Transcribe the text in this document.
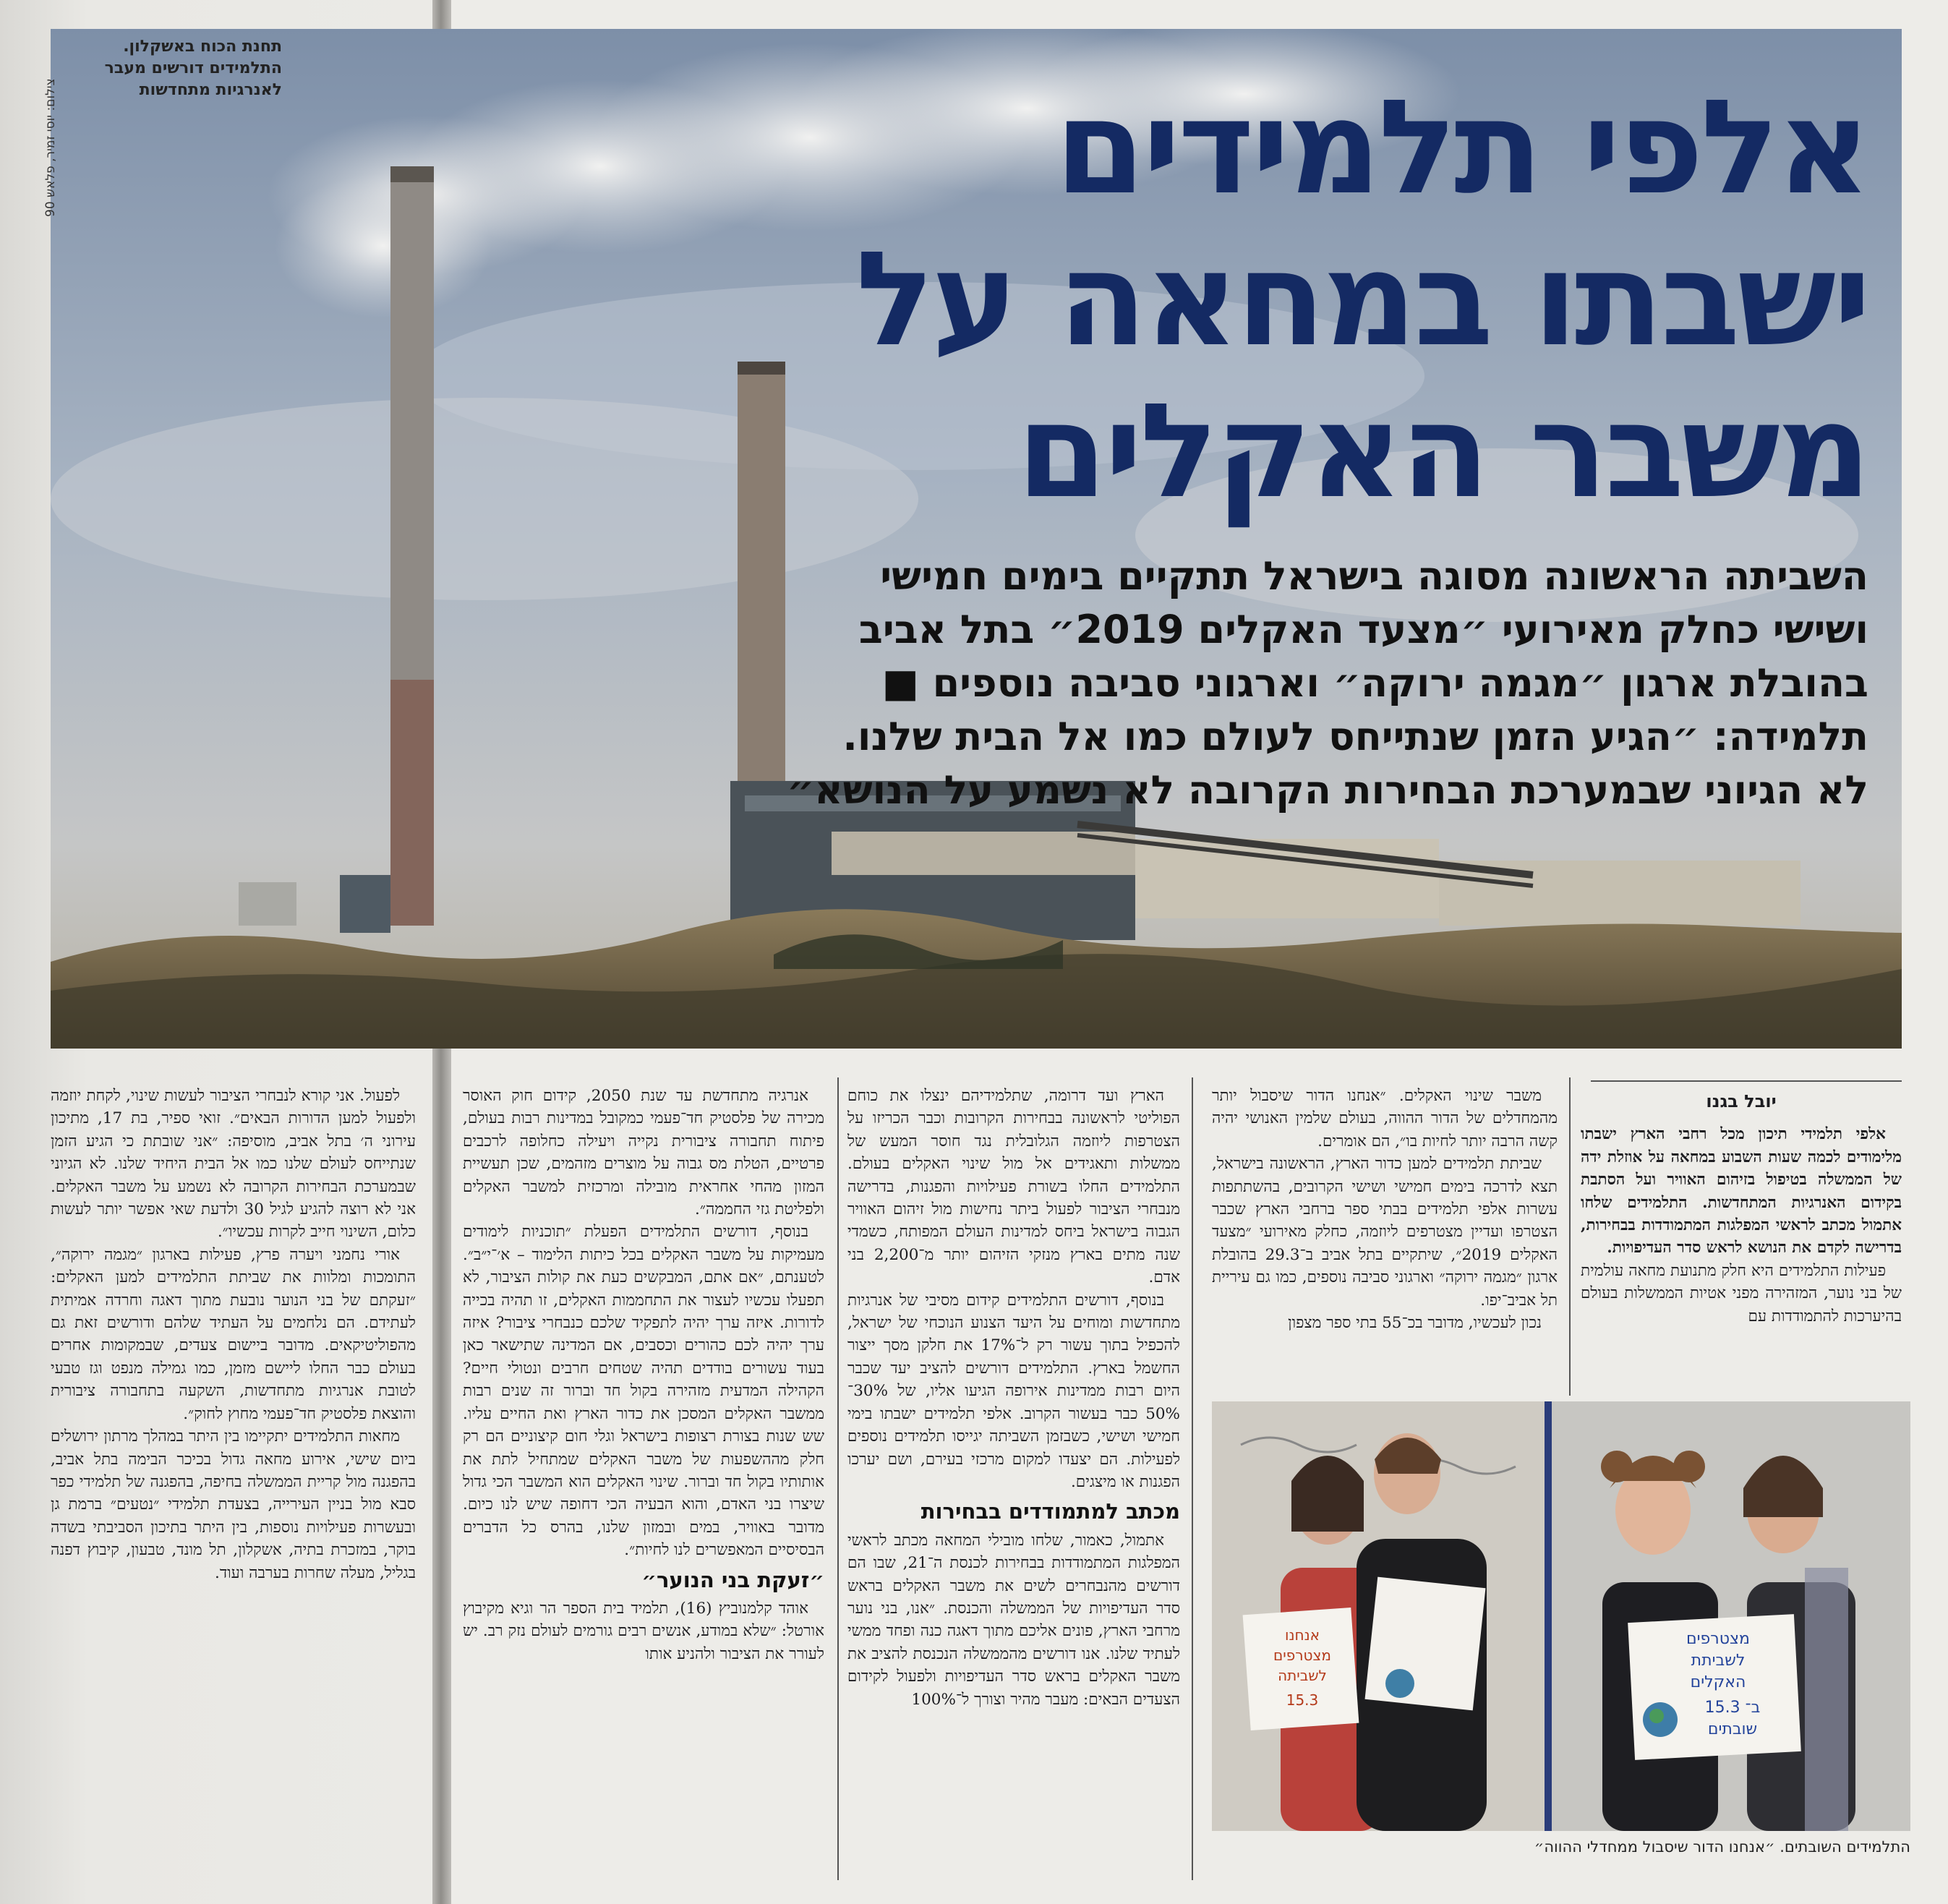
תחנת הכוח באשקלון.
התלמידים דורשים מעבר
לאנרגיות מתחדשות
צילום: יוסי זמיר, פלאש 90	אלפי תלמידים
ישבתו במחאה על
משבר האקלים

השביתה הראשונה מסוגה בישראל תתקיים בימים חמישי

ושישי כחלק מאירועי ״מצעד האקלים 2019״ בתל אביב

בהובלת ארגון ״מגמה ירוקה״ וארגוני סביבה נוספים ■

תלמידה: ״הגיע הזמן שנתייחס לעולם כמו אל הבית שלנו.

לא הגיוני שבמערכת הבחירות הקרובה לא נשמע על הנושא״

יובל בגנו

אלפי תלמידי תיכון מכל רחבי הארץ ישבתו מלימודים לכמה שעות השבוע במחאה על אוזלת ידה של הממשלה בטיפול בזיהום האוויר ועל הסתבת בקידום האנרגיות המתחדשות. התלמידים שלחו אתמול מכתב לראשי המפלגות המתמודדות בבחירות, בדרישה לקדם את הנושא לראש סדר העדיפויות.

פעילות התלמידים היא חלק מתנועת מחאה עולמית של בני נוער, המזהירה מפני אטיות הממשלות בעולם בהיערכות להתמודדות עם

משבר שינוי האקלים. ״אנחנו הדור שיסבול יותר מהמחדלים של הדור ההווה, בעולם שלמין האנושי יהיה קשה הרבה יותר לחיות בו״, הם אומרים.

שביתת תלמידים למען כדור הארץ, הראשונה בישראל, תצא לדרכה בימים חמישי ושישי הקרובים, בהשתתפות עשרות אלפי תלמידים בבתי ספר ברחבי הארץ שכבר הצטרפו ועדיין מצטרפים ליוזמה, כחלק מאירועי ״מצעד האקלים 2019״, שיתקיים בתל אביב ב־29.3 בהובלת ארגון ״מגמה ירוקה״ וארגוני סביבה נוספים, כמו גם עיריית תל אביב־יפו.

נכון לעכשיו, מדובר בכ־55 בתי ספר מצפון

הארץ ועד דרומה, שתלמידיהם ינצלו את כוחם הפוליטי לראשונה בבחירות הקרובות וכבר הכריזו על הצטרפות ליוזמה הגלובלית נגד חוסר המעש של ממשלות ותאגידים אל מול שינוי האקלים בעולם. התלמידים החלו בשורת פעילויות והפגנות, בדרישה מנבחרי הציבור לפעול ביתר נחישות מול זיהום האוויר הגבוה בישראל ביחס למדינות העולם המפותח, כשמדי שנה מתים בארץ מנזקי הזיהום יותר מ־2,200 בני אדם.

בנוסף, דורשים התלמידים קידום מסיבי של אנרגיות מתחדשות ומוחים על היעד הצנוע הנוכחי של ישראל, להכפיל בתוך עשור רק ל־17% את חלקן מסך ייצור החשמל בארץ. התלמידים דורשים להציב יעד שכבר היום רבות ממדינות אירופה הגיעו אליו, של 30%־50% כבר בעשור הקרוב. אלפי תלמידים ישבתו בימי חמישי ושישי, כשבזמן השביתה יגייסו תלמידים נוספים לפעילות. הם יצעדו למקום מרכזי בעירם, ושם יערכו הפגנות או מיצגים.

מכתב למתמודדים בבחירות

אתמול, כאמור, שלחו מובילי המחאה מכתב לראשי המפלגות המתמודדות בבחירות לכנסת ה־21, שבו הם דורשים מהנבחרים לשים את משבר האקלים בראש סדר העדיפויות של הממשלה והכנסת. ״אנו, בני נוער מרחבי הארץ, פונים אליכם מתוך דאגה כנה ופחד ממשי לעתיד שלנו. אנו דורשים מהממשלה הנכנסת להציב את משבר האקלים בראש סדר העדיפויות ולפעול לקידום הצעדים הבאים: מעבר מהיר וצורך ל־100%

אנרגיה מתחדשת עד שנת 2050, קידום חוק האוסר מכירה של פלסטיק חד־פעמי כמקובל במדינות רבות בעולם, פיתוח תחבורה ציבורית נקייה ויעילה כחלופה לרכבים פרטיים, הטלת מס גבוה על מוצרים מזהמים, שכן תעשיית המזון מהחי אחראית מובילה ומרכזית למשבר האקלים ולפליטת גזי החממה״.

בנוסף, דורשים התלמידים הפעלת ״תוכניות לימודים מעמיקות על משבר האקלים בכל כיתות הלימוד – א׳־י״ב״. לטענתם, ״אם אתם, המבקשים כעת את קולות הציבור, לא תפעלו עכשיו לעצור את התחממות האקלים, זו תהיה בכייה לדורות. איזה ערך יהיה לתפקיד שלכם כנבחרי ציבור? איזה ערך יהיה לכם כהורים וכסבים, אם המדינה שתישאר כאן בעוד עשורים בודדים תהיה שטחים חרבים ונטולי חיים? הקהילה המדעית מזהירה בקול חד וברור זה שנים רבות ממשבר האקלים המסכן את כדור הארץ ואת החיים עליו. שש שנות בצורת רצופות בישראל וגלי חום קיצוניים הם רק חלק מההשפעות של משבר האקלים שמתחיל לתת את אותותיו בקול חד וברור. שינוי האקלים הוא המשבר הכי גדול שיצרו בני האדם, והוא הבעיה הכי דחופה שיש לנו כיום. מדובר באוויר, במים ובמזון שלנו, בהרס כל הדברים הבסיסיים המאפשרים לנו לחיות״.

״זעקת בני הנוער״

אוהד קלמנוביץ (16), תלמיד בית הספר הר וגיא מקיבוץ אורטל: ״שלא במודע, אנשים רבים גורמים לעולם נזק רב. יש לעורר את הציבור ולהניע אותו

לפעול. אני קורא לנבחרי הציבור לעשות שינוי, לקחת יוזמה ולפעול למען הדורות הבאים״. זואי ספיר, בת 17, מתיכון עירוני ה׳ בתל אביב, מוסיפה: ״אני שובתת כי הגיע הזמן שנתייחס לעולם שלנו כמו אל הבית היחיד שלנו. לא הגיוני שבמערכת הבחירות הקרובה לא נשמע על משבר האקלים. אני לא רוצה להגיע לגיל 30 ולדעת שאי אפשר יותר לעשות כלום, השינוי חייב לקרות עכשיו״.

אורי נחמני ויערה פרץ, פעילות בארגון ״מגמה ירוקה״, התומכות ומלוות את שביתת התלמידים למען האקלים: ״זעקתם של בני הנוער נובעת מתוך דאגה וחרדה אמיתית לעתידם. הם נלחמים על העתיד שלהם ודורשים זאת גם מהפוליטיקאים. מדובר ביישום צעדים, שבמקומות אחרים בעולם כבר החלו ליישם מזמן, כמו גמילה מנפט וגז טבעי לטובת אנרגיות מתחדשות, השקעה בתחבורה ציבורית והוצאת פלסטיק חד־פעמי מחוץ לחוק״.

מחאות התלמידים יתקיימו בין היתר במהלך מרתון ירושלים ביום שישי, אירוע מחאה גדול בכיכר הבימה בתל אביב, בהפגנה מול קריית הממשלה בחיפה, בהפגנה של תלמידי כפר סבא מול בניין העירייה, בצעדת תלמידי ״נטעים״ ברמת גן ובעשרות פעילויות נוספות, בין היתר בתיכון הסביבתי בשדה בוקר, במזכרת בתיה, אשקלון, תל מונד, טבעון, קיבוץ דפנה בגליל, מעלה שחרות בערבה ועוד.

אנחנו
מצטרפים
לשביתה
15.3
מצטרפים
לשביתת
האקלים
ב־ 15.3
שובתים
התלמידים השובתים. ״אנחנו הדור שיסבול ממחדלי ההווה״
